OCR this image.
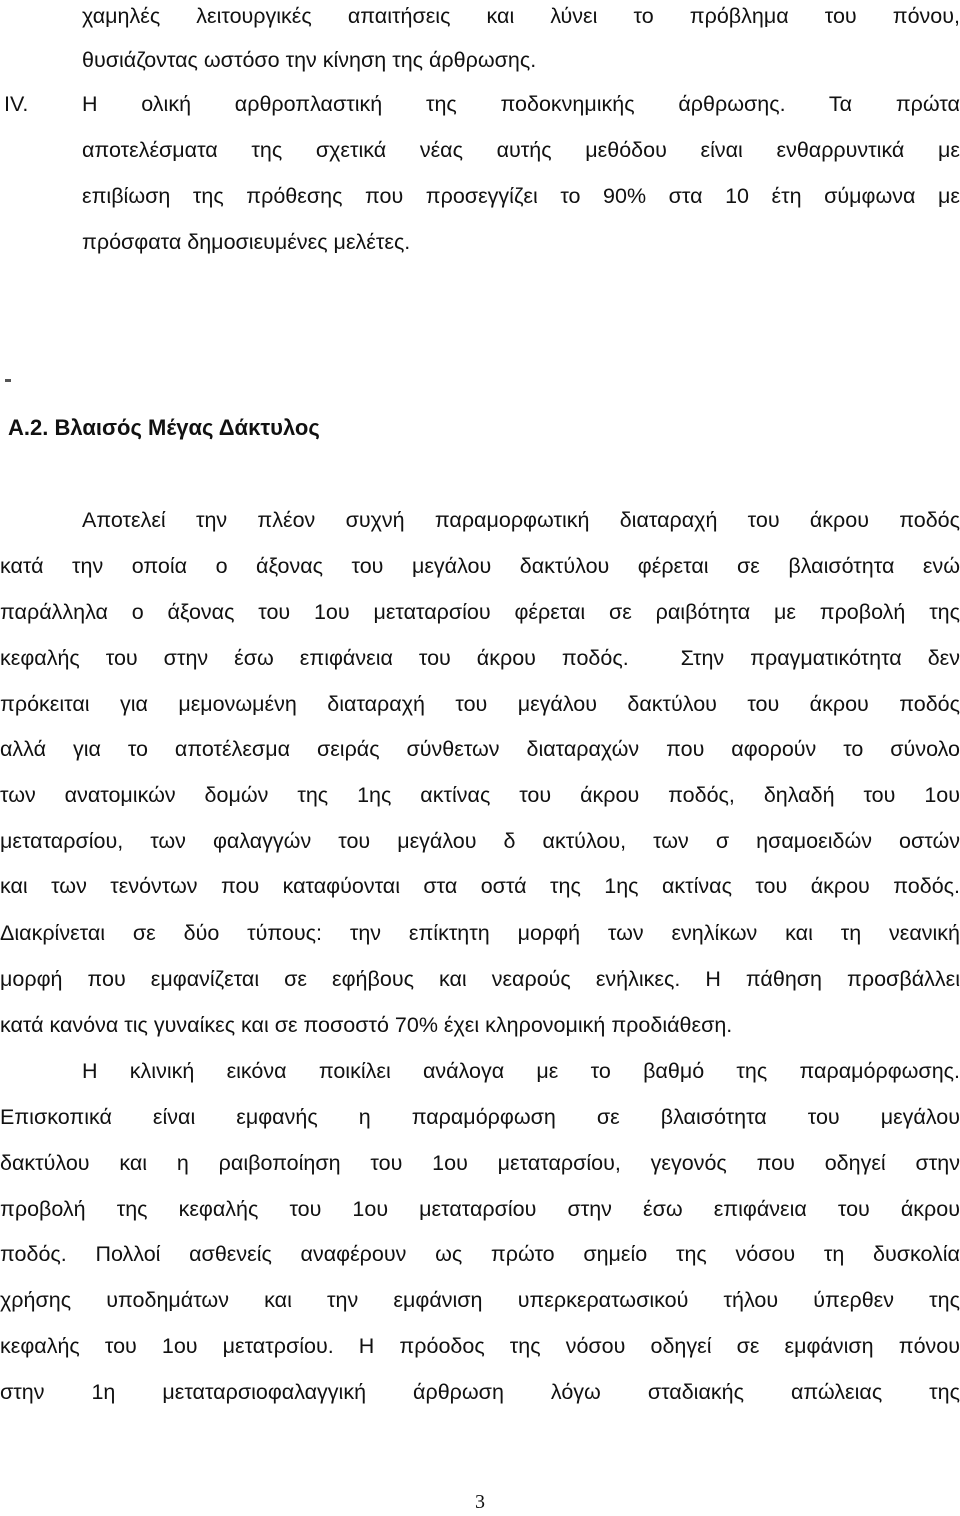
χαμηλές λειτουργικές απαιτήσεις και λύνει το πρόβλημα του πόνου,
θυσιάζοντας ωστόσο την κίνηση της άρθρωσης.
IV. Η ολική αρθροπλαστική της ποδοκνημικής άρθρωσης. Τα πρώτα
αποτελέσματα της σχετικά νέας αυτής μεθόδου είναι ενθαρρυντικά με
επιβίωση της πρόθεσης που προσεγγίζει το 90% στα 10 έτη σύμφωνα με
πρόσφατα δημοσιευμένες μελέτες.
A.2. Βλαισός Μέγας Δάκτυλος
Αποτελεί την πλέον συχνή παραμορφωτική διαταραχή του άκρου ποδός
κατά την οποία ο άξονας του μεγάλου δακτύλου φέρεται σε βλαισότητα ενώ
παράλληλα ο άξονας του 1ου μεταταρσίου φέρεται σε ραιβότητα με προβολή της
κεφαλής του στην έσω επιφάνεια του άκρου ποδός.  Στην πραγματικότητα δεν
πρόκειται για μεμονωμένη διαταραχή του μεγάλου δακτύλου του άκρου ποδός
αλλά για το αποτέλεσμα σειράς σύνθετων διαταραχών που αφορούν το σύνολο
των ανατομικών δομών της 1ης ακτίνας του άκρου ποδός, δηλαδή του 1ου
μεταταρσίου, των φαλαγγών του μεγάλου δ ακτύλου, των σ ησαμοειδών οστών
και των τενόντων που καταφύονται στα οστά της 1ης ακτίνας του άκρου ποδός.
Διακρίνεται σε δύο τύπους: την επίκτητη μορφή των ενηλίκων και τη νεανική
μορφή που εμφανίζεται σε εφήβους και νεαρούς ενήλικες. Η πάθηση προσβάλλει
κατά κανόνα τις γυναίκες και σε ποσοστό 70% έχει κληρονομική προδιάθεση.
Η κλινική εικόνα ποικίλει ανάλογα με το βαθμό της παραμόρφωσης.
Επισκοπικά είναι εμφανής η παραμόρφωση σε βλαισότητα του μεγάλου
δακτύλου και η ραιβοποίηση του 1ου μεταταρσίου, γεγονός που οδηγεί στην
προβολή της κεφαλής του 1ου μεταταρσίου στην έσω επιφάνεια του άκρου
ποδός. Πολλοί ασθενείς αναφέρουν ως πρώτο σημείο της νόσου τη δυσκολία
χρήσης υποδημάτων και την εμφάνιση υπερκερατωσικού τήλου ύπερθεν της
κεφαλής του 1ου μετατρσίου. Η πρόοδος της νόσου οδηγεί σε εμφάνιση πόνου
στην 1η μεταταρσιοφαλαγγική άρθρωση λόγω σταδιακής απώλειας της
3
